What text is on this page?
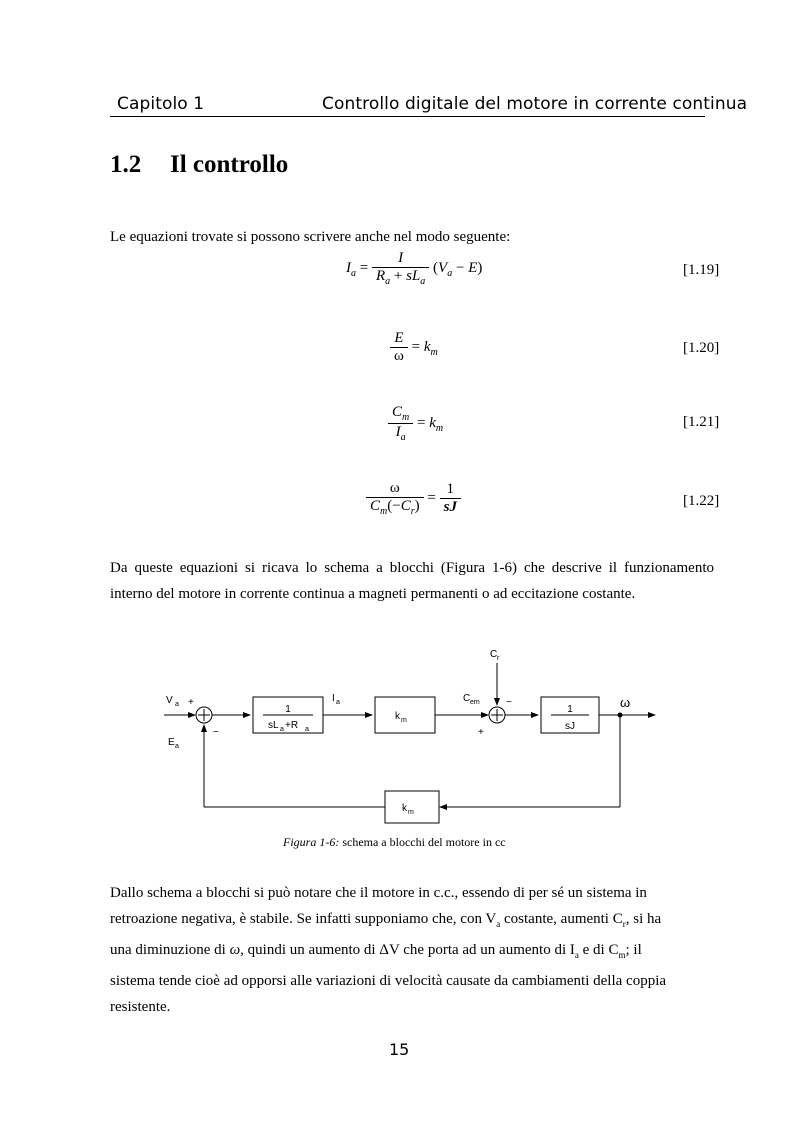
Capitolo 1	Controllo digitale del motore in corrente continua
1.2 Il controllo
Le equazioni trovate si possono scrivere anche nel modo seguente:
$I_a = \frac{I}{R_a + sL_a} (V_a - E)$	[1.19]
$\frac{E}{\omega} = k_m$	[1.20]
$\frac{C_m}{I_a} = k_m$	[1.21]
$\frac{\omega}{C_m(-C_r)} = \frac{1}{sJ}$	[1.22]
Da queste equazioni si ricava lo schema a blocchi (Figura 1-6) che descrive il funzionamento interno del motore in corrente continua a magneti permanenti o ad eccitazione costante.
V a +
E a
−
1
sL a +R a
I a
k m
C em
+
−
C r
1
sJ
ω
k m
Figura 1-6: schema a blocchi del motore in cc
Dallo schema a blocchi si può notare che il motore in c.c., essendo di per sé un sistema in
retroazione negativa, è stabile. Se infatti supponiamo che, con $V_a$ costante, aumenti $C_r$, si ha
una diminuzione di ω, quindi un aumento di ΔV che porta ad un aumento di $I_a$ e di $C_m$; il
sistema tende cioè ad opporsi alle variazioni di velocità causate da cambiamenti della coppia
resistente.
15
